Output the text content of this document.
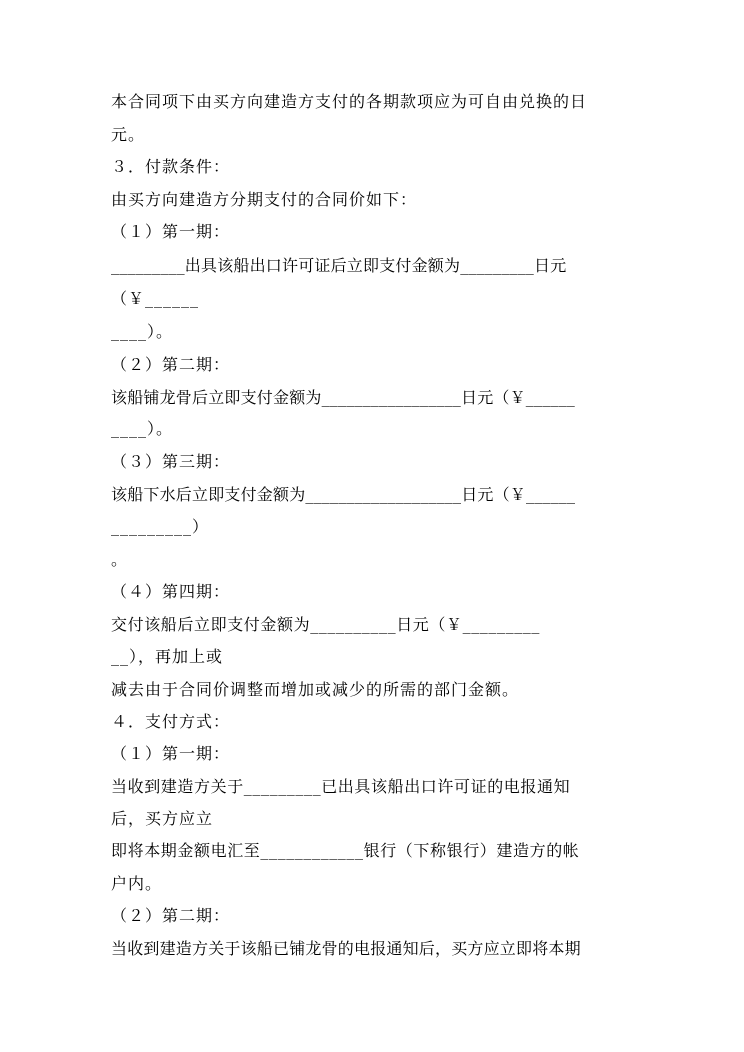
本合同项下由买方向建造方支付的各期款项应为可自由兑换的日
元。
３．付款条件：
由买方向建造方分期支付的合同价如下：
（１）第一期：
_________出具该船出口许可证后立即支付金额为_________日元
（￥______
____）。
（２）第二期：
该船铺龙骨后立即支付金额为_________________日元（￥______
____）。
（３）第三期：
该船下水后立即支付金额为___________________日元（￥______
_________）
。
（４）第四期：
交付该船后立即支付金额为__________日元（￥_________
__），再加上或
减去由于合同价调整而增加或减少的所需的部门金额。
４．支付方式：
（１）第一期：
当收到建造方关于_________已出具该船出口许可证的电报通知
后，买方应立
即将本期金额电汇至____________银行（下称银行）建造方的帐
户内。
（２）第二期：
当收到建造方关于该船已铺龙骨的电报通知后，买方应立即将本期
